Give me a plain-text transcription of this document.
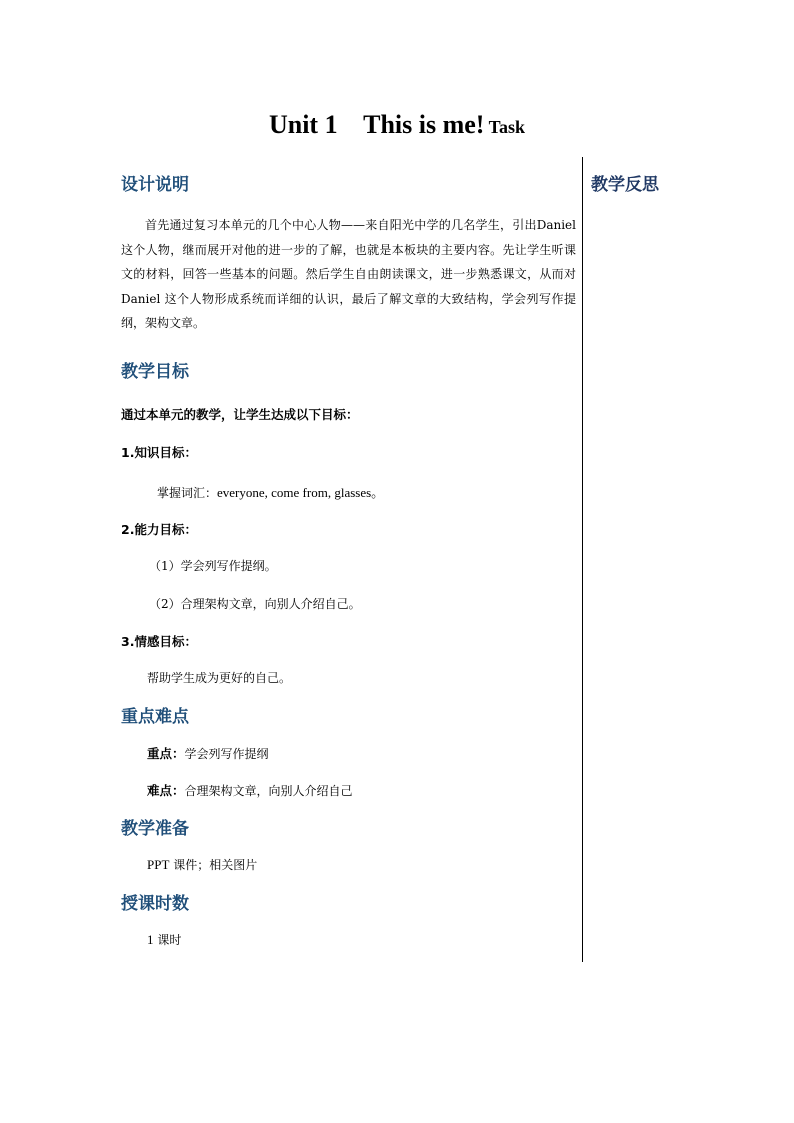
Unit 1    This is me! Task
教学反思
设计说明
首先通过复习本单元的几个中心人物——来自阳光中学的几名学生，引出Daniel 这个人物，继而展开对他的进一步的了解，也就是本板块的主要内容。先让学生听课文的材料，回答一些基本的问题。然后学生自由朗读课文，进一步熟悉课文，从而对Daniel 这个人物形成系统而详细的认识，最后了解文章的大致结构，学会列写作提纲，架构文章。
教学目标
通过本单元的教学，让学生达成以下目标：
1.知识目标：
掌握词汇：everyone, come from, glasses。
2.能力目标：
（1）学会列写作提纲。
（2）合理架构文章，向别人介绍自己。
3.情感目标：
帮助学生成为更好的自己。
重点难点
重点：学会列写作提纲
难点：合理架构文章，向别人介绍自己
教学准备
PPT 课件；相关图片
授课时数
1 课时
